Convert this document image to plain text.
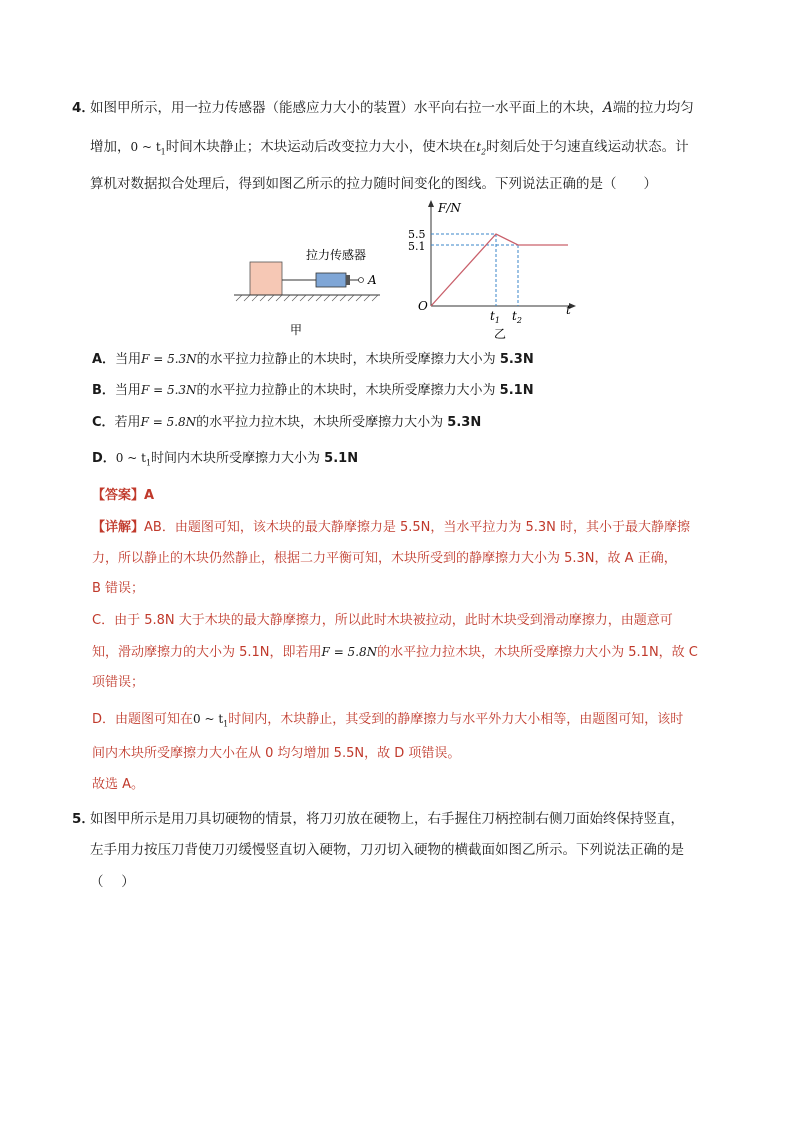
4．
如图甲所示，用一拉力传感器（能感应力大小的装置）水平向右拉一水平面上的木块，A端的拉力均匀
增加，0 ~ $t_1$时间木块静止；木块运动后改变拉力大小，使木块在$t_2$时刻后处于匀速直线运动状态。计
算机对数据拟合处理后，得到如图乙所示的拉力随时间变化的图线。下列说法正确的是（　　）
拉力传感器
A
甲
F/N
t
O
5.5
5.1
$t_1$ $t_2$
乙
A．当用F = 5.3N的水平拉力拉静止的木块时，木块所受摩擦力大小为 5.3N
B．当用F = 5.3N的水平拉力拉静止的木块时，木块所受摩擦力大小为 5.1N
C．若用F = 5.8N的水平拉力拉木块，木块所受摩擦力大小为 5.3N
D．0 ~ $t_1$时间内木块所受摩擦力大小为 5.1N
【答案】A
【详解】AB．由题图可知，该木块的最大静摩擦力是 5.5N，当水平拉力为 5.3N 时，其小于最大静摩擦
力，所以静止的木块仍然静止，根据二力平衡可知，木块所受到的静摩擦力大小为 5.3N，故 A 正确，
B 错误；
C．由于 5.8N 大于木块的最大静摩擦力，所以此时木块被拉动，此时木块受到滑动摩擦力，由题意可
知，滑动摩擦力的大小为 5.1N，即若用F = 5.8N的水平拉力拉木块，木块所受摩擦力大小为 5.1N，故 C
项错误；
D．由题图可知在0 ~ $t_1$时间内，木块静止，其受到的静摩擦力与水平外力大小相等，由题图可知，该时
间内木块所受摩擦力大小在从 0 均匀增加 5.5N，故 D 项错误。
故选 A。
5．
如图甲所示是用刀具切硬物的情景，将刀刃放在硬物上，右手握住刀柄控制右侧刀面始终保持竖直，
左手用力按压刀背使刀刃缓慢竖直切入硬物，刀刃切入硬物的横截面如图乙所示。下列说法正确的是
（　 ）
